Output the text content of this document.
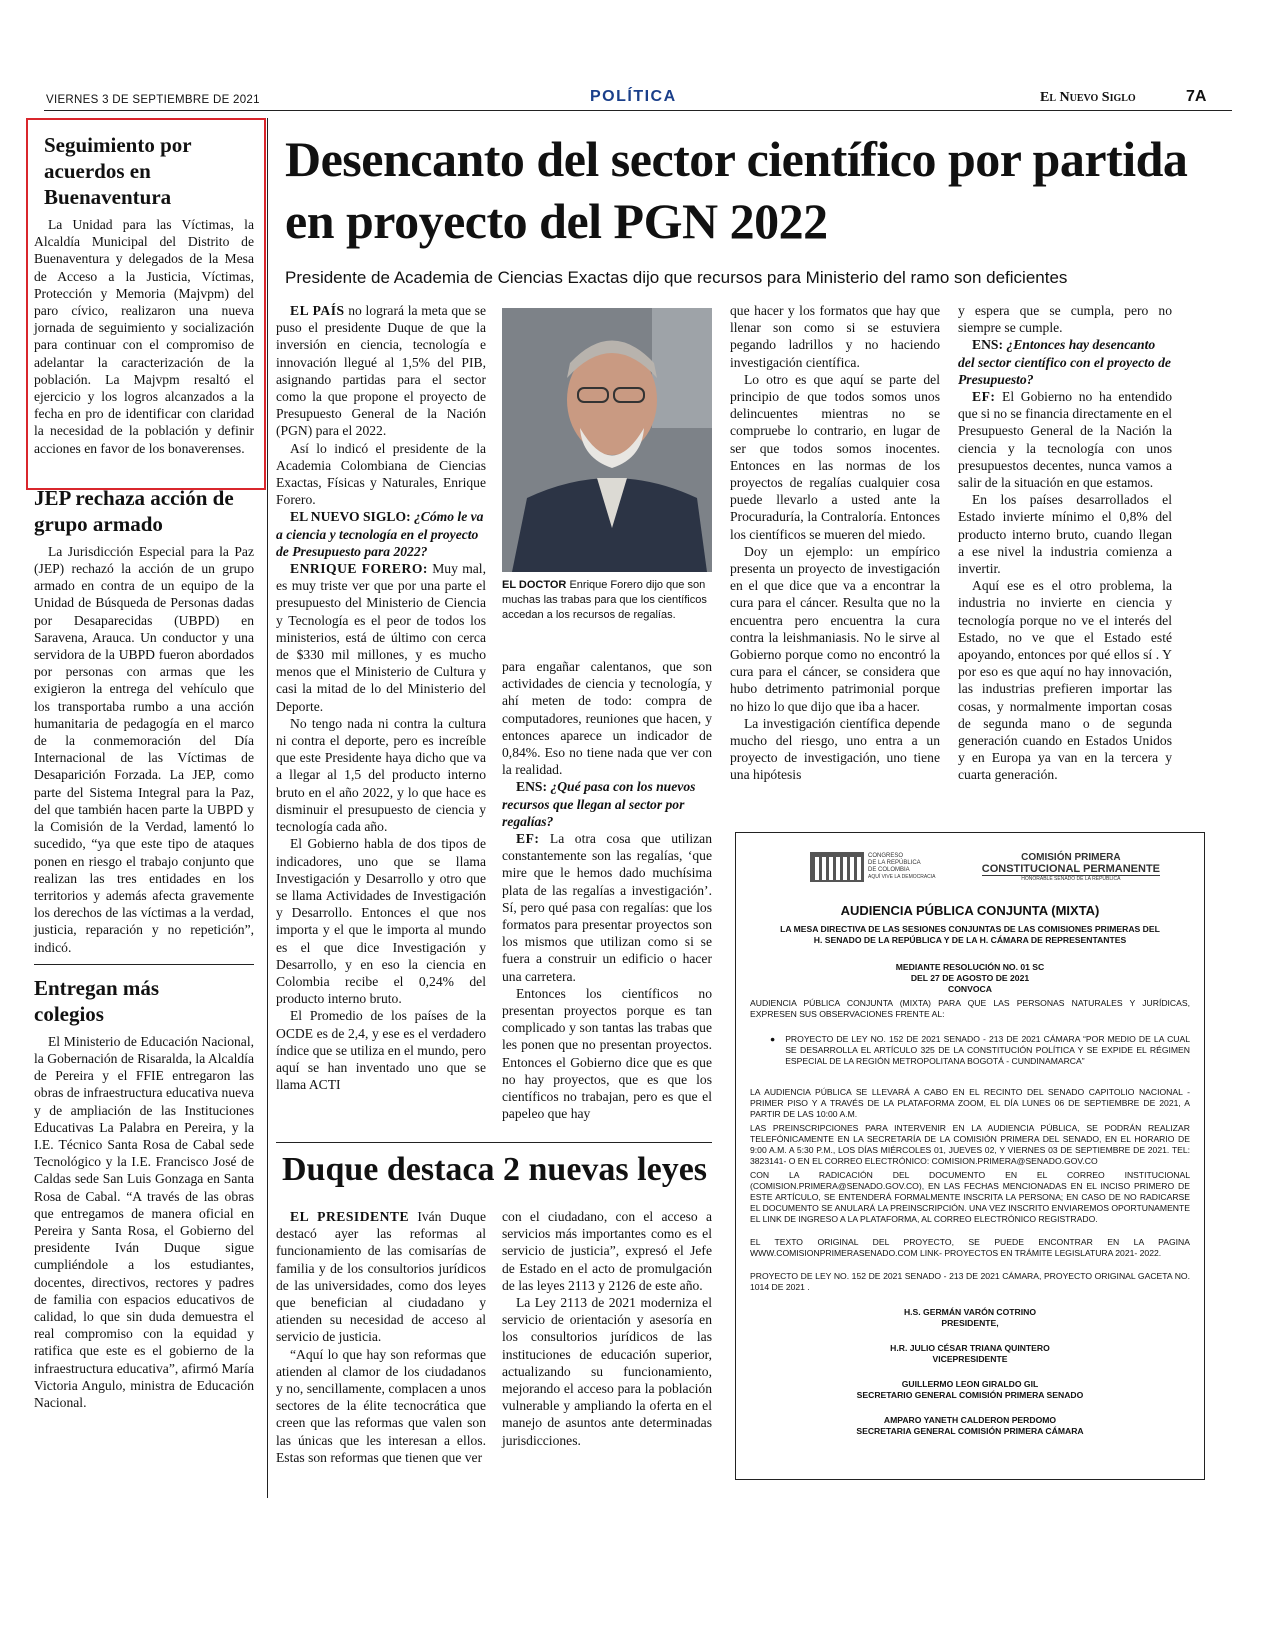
VIERNES 3 DE SEPTIEMBRE DE 2021	POLÍTICA	El Nuevo Siglo	7A
Seguimiento por acuerdos en Buenaventura

La Unidad para las Víctimas, la Alcaldía Municipal del Distrito de Buenaventura y delegados de la Mesa de Acceso a la Justicia, Víctimas, Protección y Memoria (Majvpm) del paro cívico, realizaron una nueva jornada de seguimiento y socialización para continuar con el compromiso de adelantar la caracterización de la población. La Majvpm resaltó el ejercicio y los logros alcanzados a la fecha en pro de identificar con claridad la necesidad de la población y definir acciones en favor de los bonaverenses.

JEP rechaza acción de grupo armado

La Jurisdicción Especial para la Paz (JEP) rechazó la acción de un grupo armado en contra de un equipo de la Unidad de Búsqueda de Personas dadas por Desaparecidas (UBPD) en Saravena, Arauca. Un conductor y una servidora de la UBPD fueron abordados por personas con armas que les exigieron la entrega del vehículo que los transportaba rumbo a una acción humanitaria de pedagogía en el marco de la conmemoración del Día Internacional de las Víctimas de Desaparición Forzada. La JEP, como parte del Sistema Integral para la Paz, del que también hacen parte la UBPD y la Comisión de la Verdad, lamentó lo sucedido, “ya que este tipo de ataques ponen en riesgo el trabajo conjunto que realizan las tres entidades en los territorios y además afecta gravemente los derechos de las víctimas a la verdad, justicia, reparación y no repetición”, indicó.

Entregan más colegios

El Ministerio de Educación Nacional, la Gobernación de Risaralda, la Alcaldía de Pereira y el FFIE entregaron las obras de infraestructura educativa nueva y de ampliación de las Instituciones Educativas La Palabra en Pereira, y la I.E. Técnico Santa Rosa de Cabal sede Tecnológico y la I.E. Francisco José de Caldas sede San Luis Gonzaga en Santa Rosa de Cabal. “A través de las obras que entregamos de manera oficial en Pereira y Santa Rosa, el Gobierno del presidente Iván Duque sigue cumpliéndole a los estudiantes, docentes, directivos, rectores y padres de familia con espacios educativos de calidad, lo que sin duda demuestra el real compromiso con la equidad y ratifica que este es el gobierno de la infraestructura educativa”, afirmó María Victoria Angulo, ministra de Educación Nacional.

Desencanto del sector científico por partida en proyecto del PGN 2022
Presidente de Academia de Ciencias Exactas dijo que recursos para Ministerio del ramo son deficientes
EL DOCTOR Enrique Forero dijo que son muchas las trabas para que los científicos accedan a los recursos de regalías.

EL PAÍS no logrará la meta que se puso el presidente Duque de que la inversión en ciencia, tecnología e innovación llegué al 1,5% del PIB, asignando partidas para el sector como la que propone el proyecto de Presupuesto General de la Nación (PGN) para el 2022.

Así lo indicó el presidente de la Academia Colombiana de Ciencias Exactas, Físicas y Naturales, Enrique Forero.

EL NUEVO SIGLO: ¿Cómo le va a ciencia y tecnología en el proyecto de Presupuesto para 2022?

ENRIQUE FORERO: Muy mal, es muy triste ver que por una parte el presupuesto del Ministerio de Ciencia y Tecnología es el peor de todos los ministerios, está de último con cerca de $330 mil millones, y es mucho menos que el Ministerio de Cultura y casi la mitad de lo del Ministerio del Deporte.

No tengo nada ni contra la cultura ni contra el deporte, pero es increíble que este Presidente haya dicho que va a llegar al 1,5 del producto interno bruto en el año 2022, y lo que hace es disminuir el presupuesto de ciencia y tecnología cada año.

El Gobierno habla de dos tipos de indicadores, uno que se llama Investigación y Desarrollo y otro que se llama Actividades de Investigación y Desarrollo. Entonces el que nos importa y el que le importa al mundo es el que dice Investigación y Desarrollo, y en eso la ciencia en Colombia recibe el 0,24% del producto interno bruto.

El Promedio de los países de la OCDE es de 2,4, y ese es el verdadero índice que se utiliza en el mundo, pero aquí se han inventado uno que se llama ACTI

para engañar calentanos, que son actividades de ciencia y tecnología, y ahí meten de todo: compra de computadores, reuniones que hacen, y entonces aparece un indicador de 0,84%. Eso no tiene nada que ver con la realidad.

ENS: ¿Qué pasa con los nuevos recursos que llegan al sector por regalías?

EF: La otra cosa que utilizan constantemente son las regalías, ‘que mire que le hemos dado muchísima plata de las regalías a investigación’. Sí, pero qué pasa con regalías: que los formatos para presentar proyectos son los mismos que utilizan como si se fuera a construir un edificio o hacer una carretera.

Entonces los científicos no presentan proyectos porque es tan complicado y son tantas las trabas que les ponen que no presentan proyectos. Entonces el Gobierno dice que es que no hay proyectos, que es que los científicos no trabajan, pero es que el papeleo que hay

que hacer y los formatos que hay que llenar son como si se estuviera pegando ladrillos y no haciendo investigación científica.

Lo otro es que aquí se parte del principio de que todos somos unos delincuentes mientras no se compruebe lo contrario, en lugar de ser que todos somos inocentes. Entonces en las normas de los proyectos de regalías cualquier cosa puede llevarlo a usted ante la Procuraduría, la Contraloría. Entonces los científicos se mueren del miedo.

Doy un ejemplo: un empírico presenta un proyecto de investigación en el que dice que va a encontrar la cura para el cáncer. Resulta que no la encuentra pero encuentra la cura contra la leishmaniasis. No le sirve al Gobierno porque como no encontró la cura para el cáncer, se considera que hubo detrimento patrimonial porque no hizo lo que dijo que iba a hacer.

La investigación científica depende mucho del riesgo, uno entra a un proyecto de investigación, uno tiene una hipótesis

y espera que se cumpla, pero no siempre se cumple.

ENS: ¿Entonces hay desencanto del sector científico con el proyecto de Presupuesto?

EF: El Gobierno no ha entendido que si no se financia directamente en el Presupuesto General de la Nación la ciencia y la tecnología con unos presupuestos decentes, nunca vamos a salir de la situación en que estamos.

En los países desarrollados el Estado invierte mínimo el 0,8% del producto interno bruto, cuando llegan a ese nivel la industria comienza a invertir.

Aquí ese es el otro problema, la industria no invierte en ciencia y tecnología porque no ve el interés del Estado, no ve que el Estado esté apoyando, entonces por qué ellos sí . Y por eso es que aquí no hay innovación, las industrias prefieren importar las cosas, y normalmente importan cosas de segunda mano o de segunda generación cuando en Estados Unidos y en Europa ya van en la tercera y cuarta generación.

Duque destaca 2 nuevas leyes

EL PRESIDENTE Iván Duque destacó ayer las reformas al funcionamiento de las comisarías de familia y de los consultorios jurídicos de las universidades, como dos leyes que benefician al ciudadano y atienden su necesidad de acceso al servicio de justicia.

“Aquí lo que hay son reformas que atienden al clamor de los ciudadanos y no, sencillamente, complacen a unos sectores de la élite tecnocrática que creen que las reformas que valen son las únicas que les interesan a ellos. Estas son reformas que tienen que ver

con el ciudadano, con el acceso a servicios más importantes como es el servicio de justicia”, expresó el Jefe de Estado en el acto de promulgación de las leyes 2113 y 2126 de este año.

La Ley 2113 de 2021 moderniza el servicio de orientación y asesoría en los consultorios jurídicos de las instituciones de educación superior, actualizando su funcionamiento, mejorando el acceso para la población vulnerable y ampliando la oferta en el manejo de asuntos ante determinadas jurisdicciones.

CONGRESO
DE LA REPÚBLICA
DE COLOMBIA
AQUÍ VIVE LA DEMOCRACIA
COMISIÓN PRIMERA
CONSTITUCIONAL PERMANENTE
HONORABLE SENADO DE LA REPÚBLICA
AUDIENCIA PÚBLICA CONJUNTA (MIXTA)

LA MESA DIRECTIVA DE LAS SESIONES CONJUNTAS DE LAS COMISIONES PRIMERAS DEL H. SENADO DE LA REPÚBLICA Y DE LA H. CÁMARA DE REPRESENTANTES

MEDIANTE RESOLUCIÓN NO. 01 SC

DEL 27 DE AGOSTO DE 2021

CONVOCA

AUDIENCIA PÚBLICA CONJUNTA (MIXTA) PARA QUE LAS PERSONAS NATURALES Y JURÍDICAS, EXPRESEN SUS OBSERVACIONES FRENTE AL:

● PROYECTO DE LEY NO. 152 DE 2021 SENADO - 213 DE 2021 CÁMARA “POR MEDIO DE LA CUAL SE DESARROLLA EL ARTÍCULO 325 DE LA CONSTITUCIÓN POLÍTICA Y SE EXPIDE EL RÉGIMEN ESPECIAL DE LA REGIÓN METROPOLITANA BOGOTÁ - CUNDINAMARCA”

LA AUDIENCIA PÚBLICA SE LLEVARÁ A CABO EN EL RECINTO DEL SENADO CAPITOLIO NACIONAL - PRIMER PISO Y A TRAVÉS DE LA PLATAFORMA ZOOM, EL DÍA LUNES 06 DE SEPTIEMBRE DE 2021, A PARTIR DE LAS 10:00 A.M.

LAS PREINSCRIPCIONES PARA INTERVENIR EN LA AUDIENCIA PÚBLICA, SE PODRÁN REALIZAR TELEFÓNICAMENTE EN LA SECRETARÍA DE LA COMISIÓN PRIMERA DEL SENADO, EN EL HORARIO DE 9:00 A.M. A 5:30 P.M., LOS DÍAS MIÉRCOLES 01, JUEVES 02, Y VIERNES 03 DE SEPTIEMBRE DE 2021. TEL: 3823141- O EN EL CORREO ELECTRÓNICO: COMISION.PRIMERA@SENADO.GOV.CO

CON LA RADICACIÓN DEL DOCUMENTO EN EL CORREO INSTITUCIONAL (COMISION.PRIMERA@SENADO.GOV.CO), EN LAS FECHAS MENCIONADAS EN EL INCISO PRIMERO DE ESTE ARTÍCULO, SE ENTENDERÁ FORMALMENTE INSCRITA LA PERSONA; EN CASO DE NO RADICARSE EL DOCUMENTO SE ANULARÁ LA PREINSCRIPCIÓN. UNA VEZ INSCRITO ENVIAREMOS OPORTUNAMENTE EL LINK DE INGRESO A LA PLATAFORMA, AL CORREO ELECTRÓNICO REGISTRADO.

EL TEXTO ORIGINAL DEL PROYECTO, SE PUEDE ENCONTRAR EN LA PAGINA WWW.COMISIONPRIMERASENADO.COM LINK- PROYECTOS EN TRÁMITE LEGISLATURA 2021- 2022.

PROYECTO DE LEY NO. 152 DE 2021 SENADO - 213 DE 2021 CÁMARA, PROYECTO ORIGINAL GACETA NO. 1014 DE 2021 .

H.S. GERMÁN VARÓN COTRINO

PRESIDENTE,

H.R. JULIO CÉSAR TRIANA QUINTERO

VICEPRESIDENTE

GUILLERMO LEON GIRALDO GIL

SECRETARIO GENERAL COMISIÓN PRIMERA SENADO

AMPARO YANETH CALDERON PERDOMO

SECRETARIA GENERAL COMISIÓN PRIMERA CÁMARA
